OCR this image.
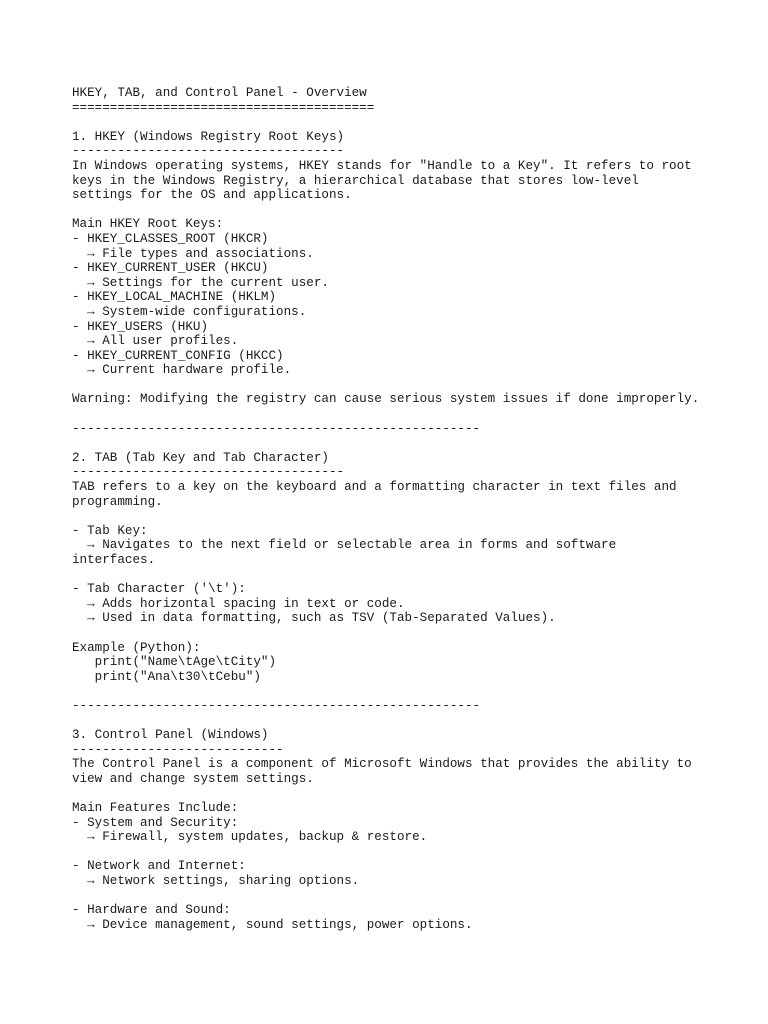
HKEY, TAB, and Control Panel - Overview
========================================
1. HKEY (Windows Registry Root Keys)
------------------------------------
In Windows operating systems, HKEY stands for "Handle to a Key". It refers to root
keys in the Windows Registry, a hierarchical database that stores low-level
settings for the OS and applications.
Main HKEY Root Keys:
- HKEY_CLASSES_ROOT (HKCR)
→ File types and associations.
- HKEY_CURRENT_USER (HKCU)
→ Settings for the current user.
- HKEY_LOCAL_MACHINE (HKLM)
→ System-wide configurations.
- HKEY_USERS (HKU)
→ All user profiles.
- HKEY_CURRENT_CONFIG (HKCC)
→ Current hardware profile.
Warning: Modifying the registry can cause serious system issues if done improperly.
------------------------------------------------------
2. TAB (Tab Key and Tab Character)
------------------------------------
TAB refers to a key on the keyboard and a formatting character in text files and
programming.
- Tab Key:
→ Navigates to the next field or selectable area in forms and software
interfaces.
- Tab Character ('\t'):
→ Adds horizontal spacing in text or code.
→ Used in data formatting, such as TSV (Tab-Separated Values).
Example (Python):
print("Name\tAge\tCity")
print("Ana\t30\tCebu")
------------------------------------------------------
3. Control Panel (Windows)
----------------------------
The Control Panel is a component of Microsoft Windows that provides the ability to
view and change system settings.
Main Features Include:
- System and Security:
→ Firewall, system updates, backup & restore.
- Network and Internet:
→ Network settings, sharing options.
- Hardware and Sound:
→ Device management, sound settings, power options.
